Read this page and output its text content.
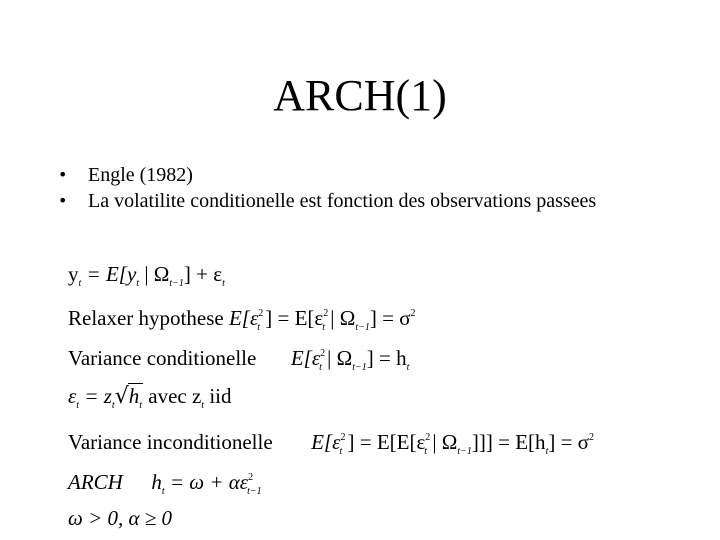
ARCH(1)
• Engle (1982)
• La volatilite conditionelle est fonction des observations passees
$y_t = E[y_t$ | $\Omega_{t-1}] + \varepsilon_t$
Relaxer hypothese $E[\varepsilon^2_t$ ] = $E[\varepsilon^2_t$ | $\Omega_{t-1}] = \sigma^2$
Variance conditionelle $E[\varepsilon^2_t$ | $\Omega_{t-1}] = h_t$
$\varepsilon_t = z_t√h_t$ avec $z_t$ iid
Variance inconditionelle $E[\varepsilon^2_t$ ] = $E[E[\varepsilon^2_t$ | $\Omega_{t-1}]]] = E[h_t] = \sigma^2$
ARCH $h_t = \omega + \alpha\varepsilon^2_{t-1}$
ω > 0, α ≥ 0
